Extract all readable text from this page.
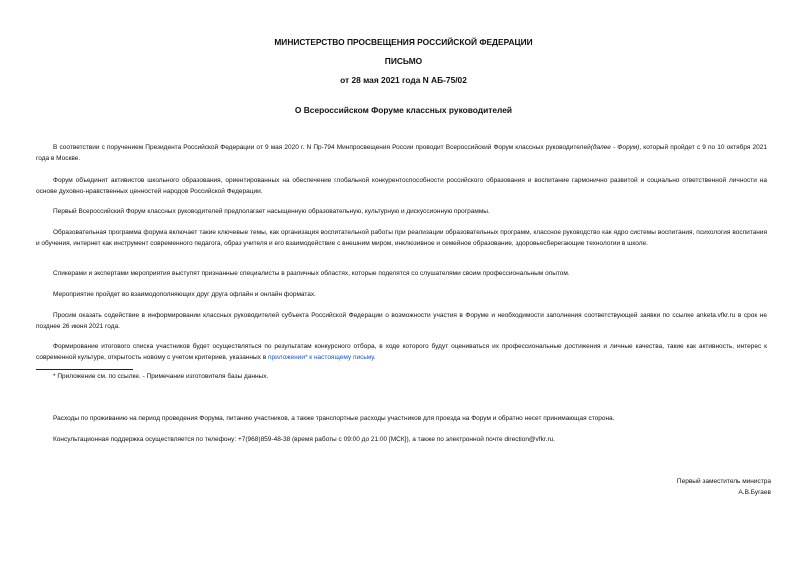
МИНИСТЕРСТВО ПРОСВЕЩЕНИЯ РОССИЙСКОЙ ФЕДЕРАЦИИ
ПИСЬМО
от 28 мая 2021 года N АБ-75/02
О Всероссийском Форуме классных руководителей
В соответствии с поручением Президента Российской Федерации от 9 мая 2020 г. N Пр-794 Минпросвещения России проводит Всероссийский Форум классных руководителей(далее - Форум), который пройдет с 9 по 10 октября 2021 года в Москве.
Форум объединит активистов школьного образования, ориентированных на обеспечение глобальной конкурентоспособности российского образования и воспитание гармонично развитой и социально ответственной личности на основе духовно-нравственных ценностей народов Российской Федерации.
Первый Всероссийский Форум классных руководителей предполагает насыщенную образовательную, культурную и дискуссионную программы.
Образовательная программа форума включает такие ключевые темы, как организация воспитательной работы при реализации образовательных программ, классное руководство как ядро системы воспитания, психология воспитания и обучения, интернет как инструмент современного педагога, образ учителя и его взаимодействие с внешним миром, инклюзивное и семейное образование, здоровьесберегающие технологии в школе.
Спикерами и экспертами мероприятия выступят признанные специалисты в различных областях, которые поделятся со слушателями своим профессиональным опытом.
Мероприятие пройдет во взаимодополняющих друг друга офлайн и онлайн форматах.
Просим оказать содействие в информировании классных руководителей субъекта Российской Федерации о возможности участия в Форуме и необходимости заполнения соответствующей заявки по ссылке anketa.vfkr.ru в срок не позднее 26 июня 2021 года.
Формирование итогового списка участников будет осуществляться по результатам конкурсного отбора, в ходе которого будут оцениваться их профессиональные достижения и личные качества, такие как активность, интерес к современной культуре, открытость новому с учетом критериев, указанных в приложении* к настоящему письму.
* Приложение см. по ссылке. - Примечание изготовителя базы данных.
Расходы по проживанию на период проведения Форума, питанию участников, а также транспортные расходы участников для проезда на Форум и обратно несет принимающая сторона.
Консультационная поддержка осуществляется по телефону: +7(968)859-48-38 (время работы с 09:00 до 21:00 [МСК]), а также по электронной почте direction@vfkr.ru.
Первый заместитель министра
А.В.Бугаев
